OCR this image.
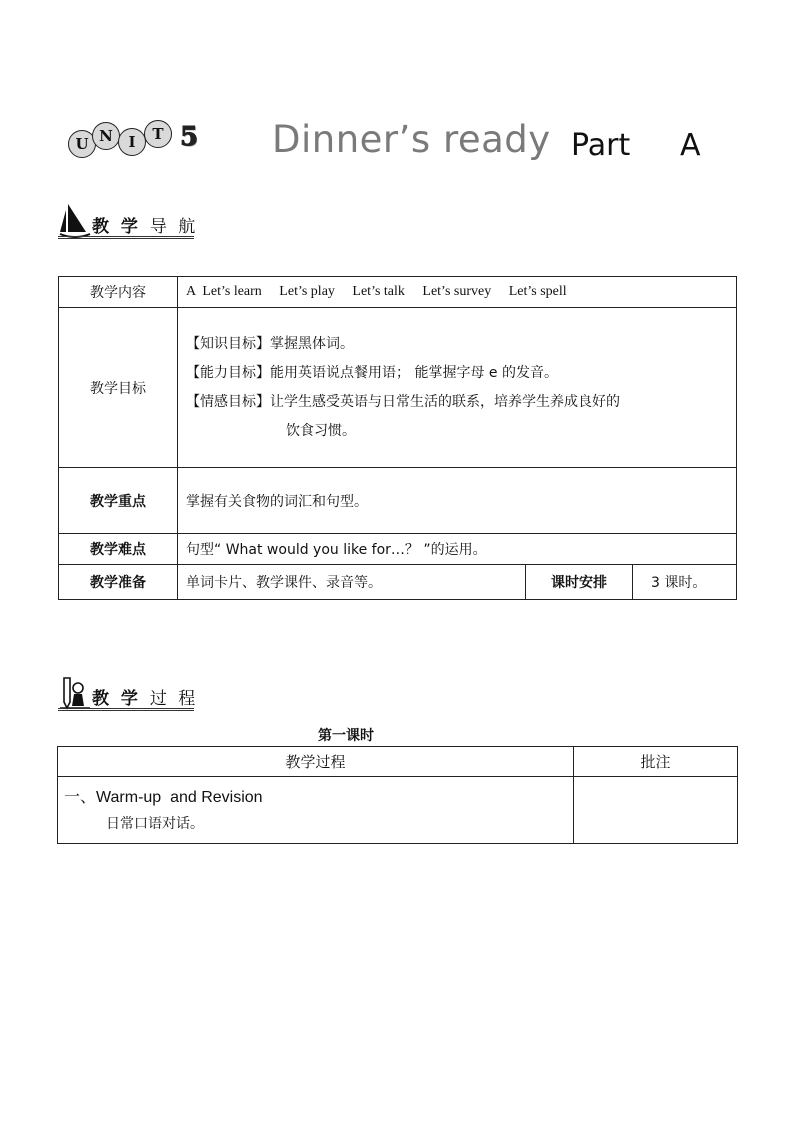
U N	I	T 5 Dinner’s ready Part A
教 学 导 航
教学内容	A  Let’s learn     Let’s play     Let’s talk     Let’s survey     Let’s spell		
教学目标	【知识目标】掌握黑体词。
【能力目标】能用英语说点餐用语； 能掌握字母 e 的发音。
【情感目标】让学生感受英语与日常生活的联系，培养学生养成良好的
饮食习惯。		

教学重点	掌握有关食物的词汇和句型。		
教学难点	句型“ What would you like for…？ ”的运用。		
教学准备	单词卡片、教学课件、录音等。	课时安排	3 课时。
教 学 过 程
第一课时
教学过程	批注

一、Warm-up  and Revision
日常口语对话。	
